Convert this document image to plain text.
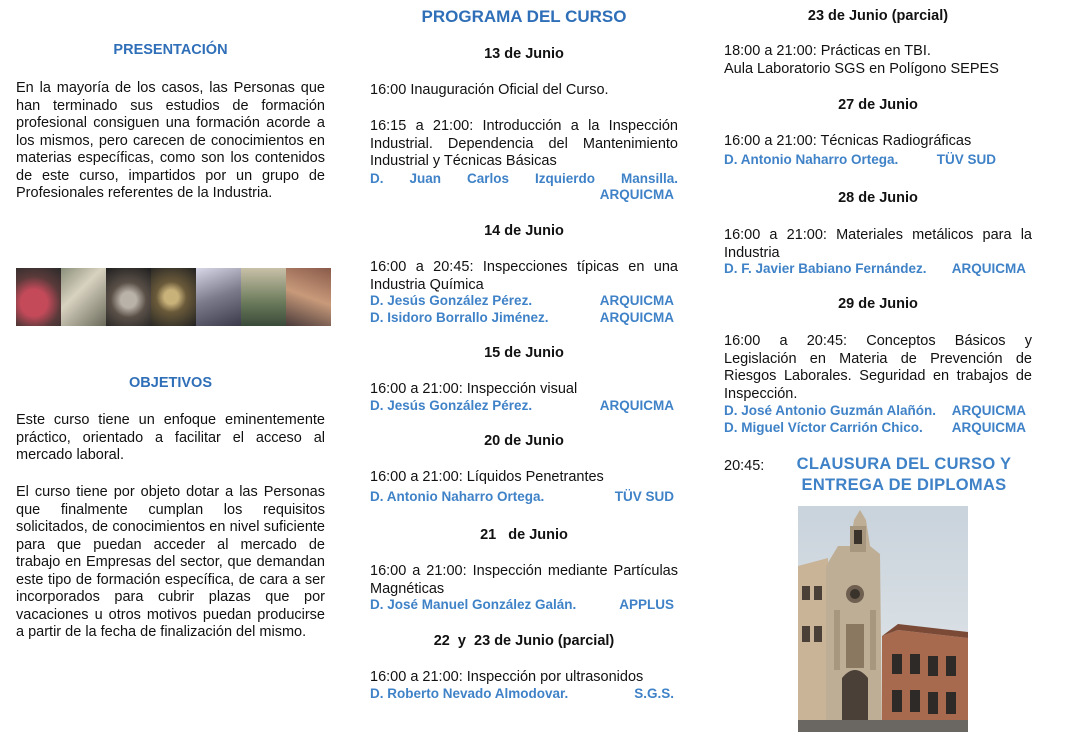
PRESENTACIÓN
En la mayoría de los casos, las Personas que han terminado sus estudios de formación profesional consiguen una formación acorde a los mismos, pero carecen de conocimientos en materias específicas, como son los contenidos de este curso, impartidos por un grupo de Profesionales referentes de la Industria.
OBJETIVOS
Este curso tiene un enfoque eminentemente práctico, orientado a facilitar el acceso al mercado laboral.
El curso tiene por objeto dotar a las Personas que finalmente cumplan los requisitos solicitados, de conocimientos en nivel suficiente para que puedan acceder al mercado de trabajo en Empresas del sector, que demandan este tipo de formación específica, de cara a ser incorporados para cubrir plazas que por vacaciones u otros motivos puedan producirse a partir de la fecha de finalización del mismo.
PROGRAMA DEL CURSO
13 de Junio
16:00 Inauguración Oficial del Curso.
16:15 a 21:00: Introducción a la Inspección Industrial. Dependencia del Mantenimiento Industrial y Técnicas Básicas
D. Juan Carlos Izquierdo Mansilla.
ARQUICMA
14 de Junio
16:00 a 20:45: Inspecciones típicas en una Industria Química
D. Jesús González Pérez.	ARQUICMA
D. Isidoro Borrallo Jiménez.	ARQUICMA
15 de Junio
16:00 a 21:00: Inspección visual
D. Jesús González Pérez.	ARQUICMA
20 de Junio
16:00 a 21:00: Líquidos Penetrantes
D. Antonio Naharro Ortega.	TÜV SUD
21   de Junio
16:00 a 21:00: Inspección mediante Partículas Magnéticas
D. José Manuel González Galán.	APPLUS
22  y  23 de Junio (parcial)
16:00 a 21:00: Inspección por ultrasonidos
D. Roberto Nevado Almodovar.	S.G.S.
23 de Junio (parcial)
18:00 a 21:00: Prácticas en TBI.
Aula Laboratorio SGS en Polígono SEPES
27 de Junio
16:00 a 21:00: Técnicas Radiográficas
D. Antonio Naharro Ortega.	TÜV SUD
28 de Junio
16:00 a 21:00: Materiales metálicos para la Industria
D. F. Javier Babiano Fernández. ARQUICMA
29 de Junio
16:00 a 20:45: Conceptos Básicos y Legislación en Materia de Prevención de Riesgos Laborales. Seguridad en trabajos de Inspección.
D. José Antonio Guzmán Alañón. ARQUICMA
D. Miguel Víctor Carrión Chico. ARQUICMA
20:45:	CLAUSURA DEL CURSO Y ENTREGA DE DIPLOMAS
